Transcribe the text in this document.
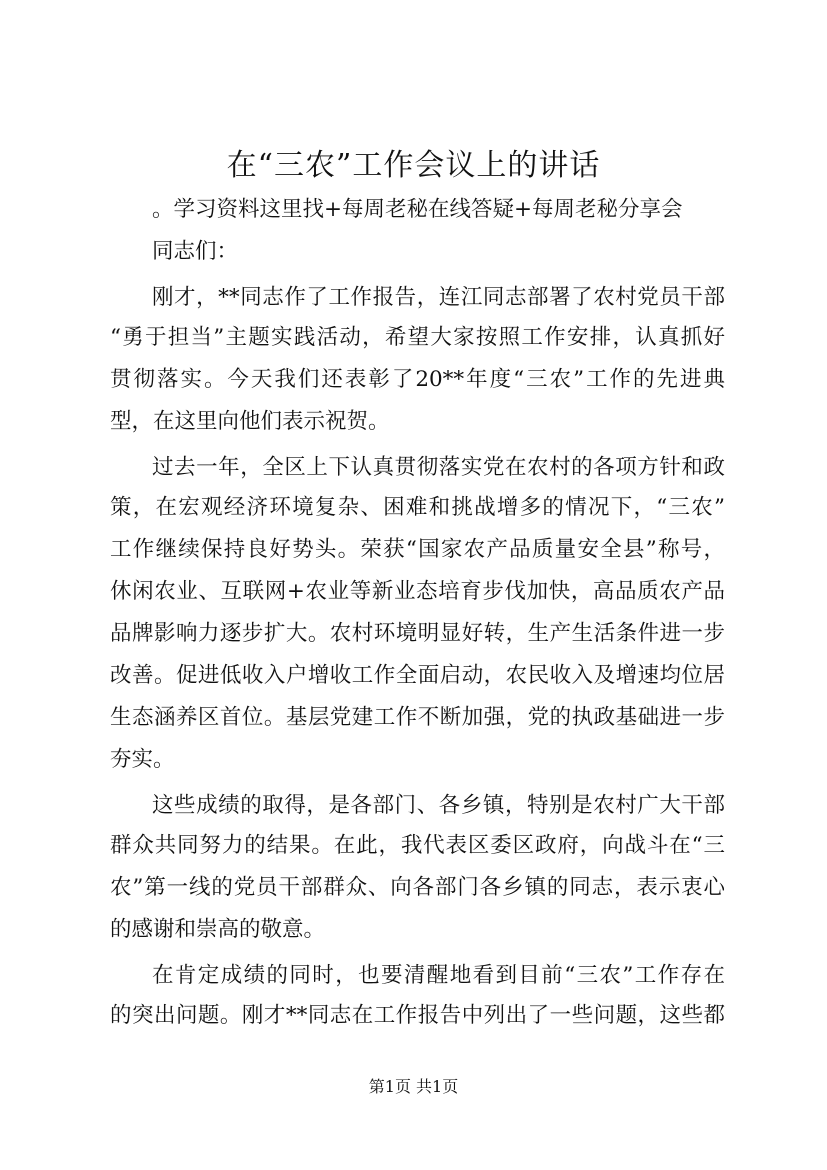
在“三农”工作会议上的讲话
。学习资料这里找+每周老秘在线答疑+每周老秘分享会
同志们：
刚才，**同志作了工作报告，连江同志部署了农村党员干部
“勇于担当”主题实践活动，希望大家按照工作安排，认真抓好
贯彻落实。今天我们还表彰了20**年度“三农”工作的先进典
型，在这里向他们表示祝贺。
过去一年，全区上下认真贯彻落实党在农村的各项方针和政
策，在宏观经济环境复杂、困难和挑战增多的情况下，“三农”
工作继续保持良好势头。荣获“国家农产品质量安全县”称号，
休闲农业、互联网+农业等新业态培育步伐加快，高品质农产品
品牌影响力逐步扩大。农村环境明显好转，生产生活条件进一步
改善。促进低收入户增收工作全面启动，农民收入及增速均位居
生态涵养区首位。基层党建工作不断加强，党的执政基础进一步
夯实。
这些成绩的取得，是各部门、各乡镇，特别是农村广大干部
群众共同努力的结果。在此，我代表区委区政府，向战斗在“三
农”第一线的党员干部群众、向各部门各乡镇的同志，表示衷心
的感谢和崇高的敬意。
在肯定成绩的同时，也要清醒地看到目前“三农”工作存在
的突出问题。刚才**同志在工作报告中列出了一些问题，这些都
第1页 共1页
